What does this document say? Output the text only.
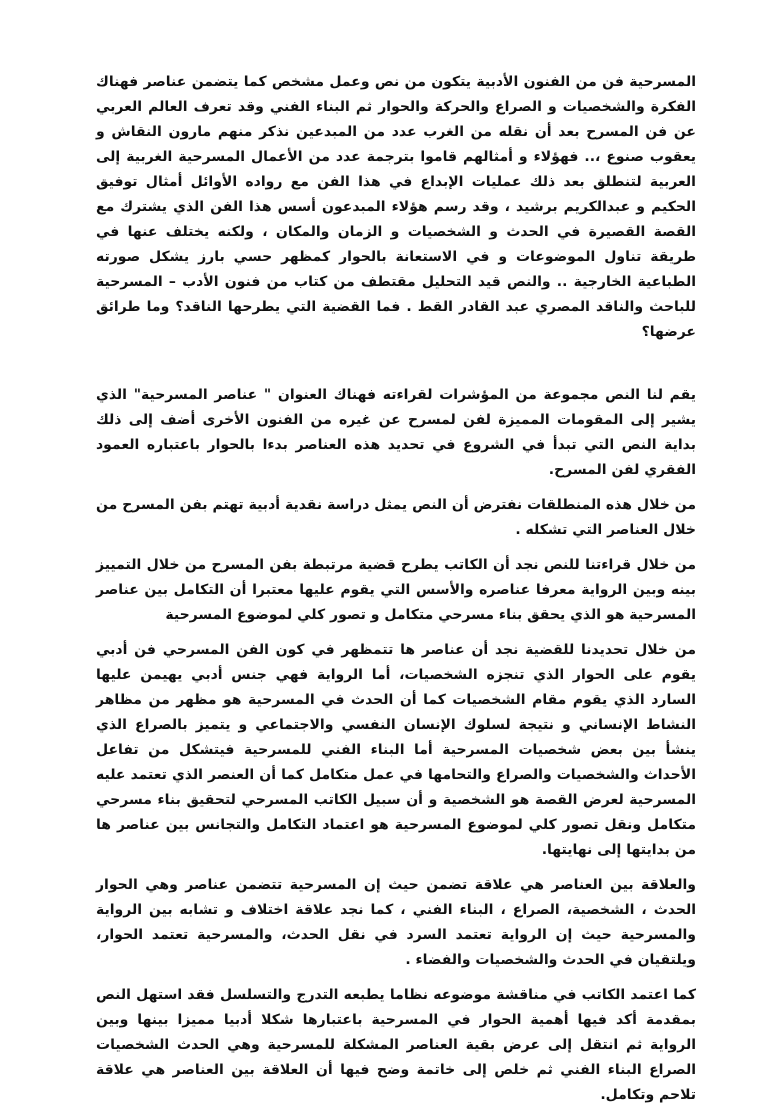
المسرحية فن من الفنون الأدبية يتكون من نص وعمل مشخص كما يتضمن عناصر فهناك الفكرة والشخصيات و الصراع والحركة والحوار ثم البناء الفني وقد تعرف العالم العربي عن فن المسرح بعد أن نقله من الغرب عدد من المبدعين نذكر منهم مارون النقاش و يعقوب صنوع ،.. فهؤلاء و أمثالهم قاموا بترجمة عدد من الأعمال المسرحية الغربية إلى العربية لتنطلق بعد ذلك عمليات الإبداع في هذا الفن مع رواده الأوائل أمثال توفيق الحكيم و عبدالكريم برشيد ، وقد رسم هؤلاء المبدعون أسس هذا الفن الذي يشترك مع القصة القصيرة في الحدث و الشخصيات و الزمان والمكان ، ولكنه يختلف عنها في طريقة تناول الموضوعات و في الاستعانة بالحوار كمظهر حسي بارز يشكل صورته الطباعية الخارجية .. والنص قيد التحليل مقتطف من كتاب من فنون الأدب – المسرحية للباحث والناقد المصري عبد القادر القط . فما القضية التي يطرحها الناقد؟ وما طرائق عرضها؟

يقم لنا النص مجموعة من المؤشرات لقراءته فهناك العنوان " عناصر المسرحية" الذي يشير إلى المقومات المميزة لفن لمسرح عن غيره من الفنون الأخرى أضف إلى ذلك بداية النص التي تبدأ في الشروع في تحديد هذه العناصر بدءا بالحوار باعتباره العمود الفقري لفن المسرح.

من خلال هذه المنطلقات نفترض أن النص يمثل دراسة نقدية أدبية تهتم بفن المسرح من خلال العناصر التي تشكله .

من خلال قراءتنا للنص نجد أن الكاتب يطرح قضية مرتبطة بفن المسرح من خلال التمييز بينه وبين الرواية معرفا عناصره والأسس التي يقوم عليها معتبرا أن التكامل بين عناصر المسرحية هو الذي يحقق بناء مسرحي متكامل و تصور كلي لموضوع المسرحية

من خلال تحديدنا للقضية نجد أن عناصر ها تتمظهر في كون الفن المسرحي فن أدبي يقوم على الحوار الذي تنجزه الشخصيات، أما الرواية فهي جنس أدبي يهيمن عليها السارد الذي يقوم مقام الشخصيات كما أن الحدث في المسرحية هو مظهر من مظاهر النشاط الإنساني و نتيجة لسلوك الإنسان النفسي والاجتماعي و يتميز بالصراع الذي ينشأ بين بعض شخصيات المسرحية أما البناء الفني للمسرحية فيتشكل من تفاعل الأحداث والشخصيات والصراع والتحامها في عمل متكامل كما أن العنصر الذي تعتمد عليه المسرحية لعرض القصة هو الشخصية و أن سبيل الكاتب المسرحي لتحقيق بناء مسرحي متكامل ونقل تصور كلي لموضوع المسرحية هو اعتماد التكامل والتجانس بين عناصر ها من بدايتها إلى نهايتها.

والعلاقة بين العناصر هي علاقة تضمن حيث إن المسرحية تتضمن عناصر وهي الحوار الحدث ، الشخصية، الصراع ، البناء الفني ، كما نجد علاقة اختلاف و تشابه بين الرواية والمسرحية حيث إن الرواية تعتمد السرد في نقل الحدث، والمسرحية تعتمد الحوار، ويلتقيان في الحدث والشخصيات والفضاء .

كما اعتمد الكاتب في مناقشة موضوعه نظاما يطبعه التدرج والتسلسل فقد استهل النص بمقدمة أكد فيها أهمية الحوار في المسرحية باعتبارها شكلا أدبيا مميزا بينها وبين الرواية ثم انتقل إلى عرض بقية العناصر المشكلة للمسرحية وهي الحدث الشخصيات الصراع البناء الفني ثم خلص إلى خاتمة وضح فيها أن العلاقة بين العناصر هي علاقة تلاحم وتكامل.
